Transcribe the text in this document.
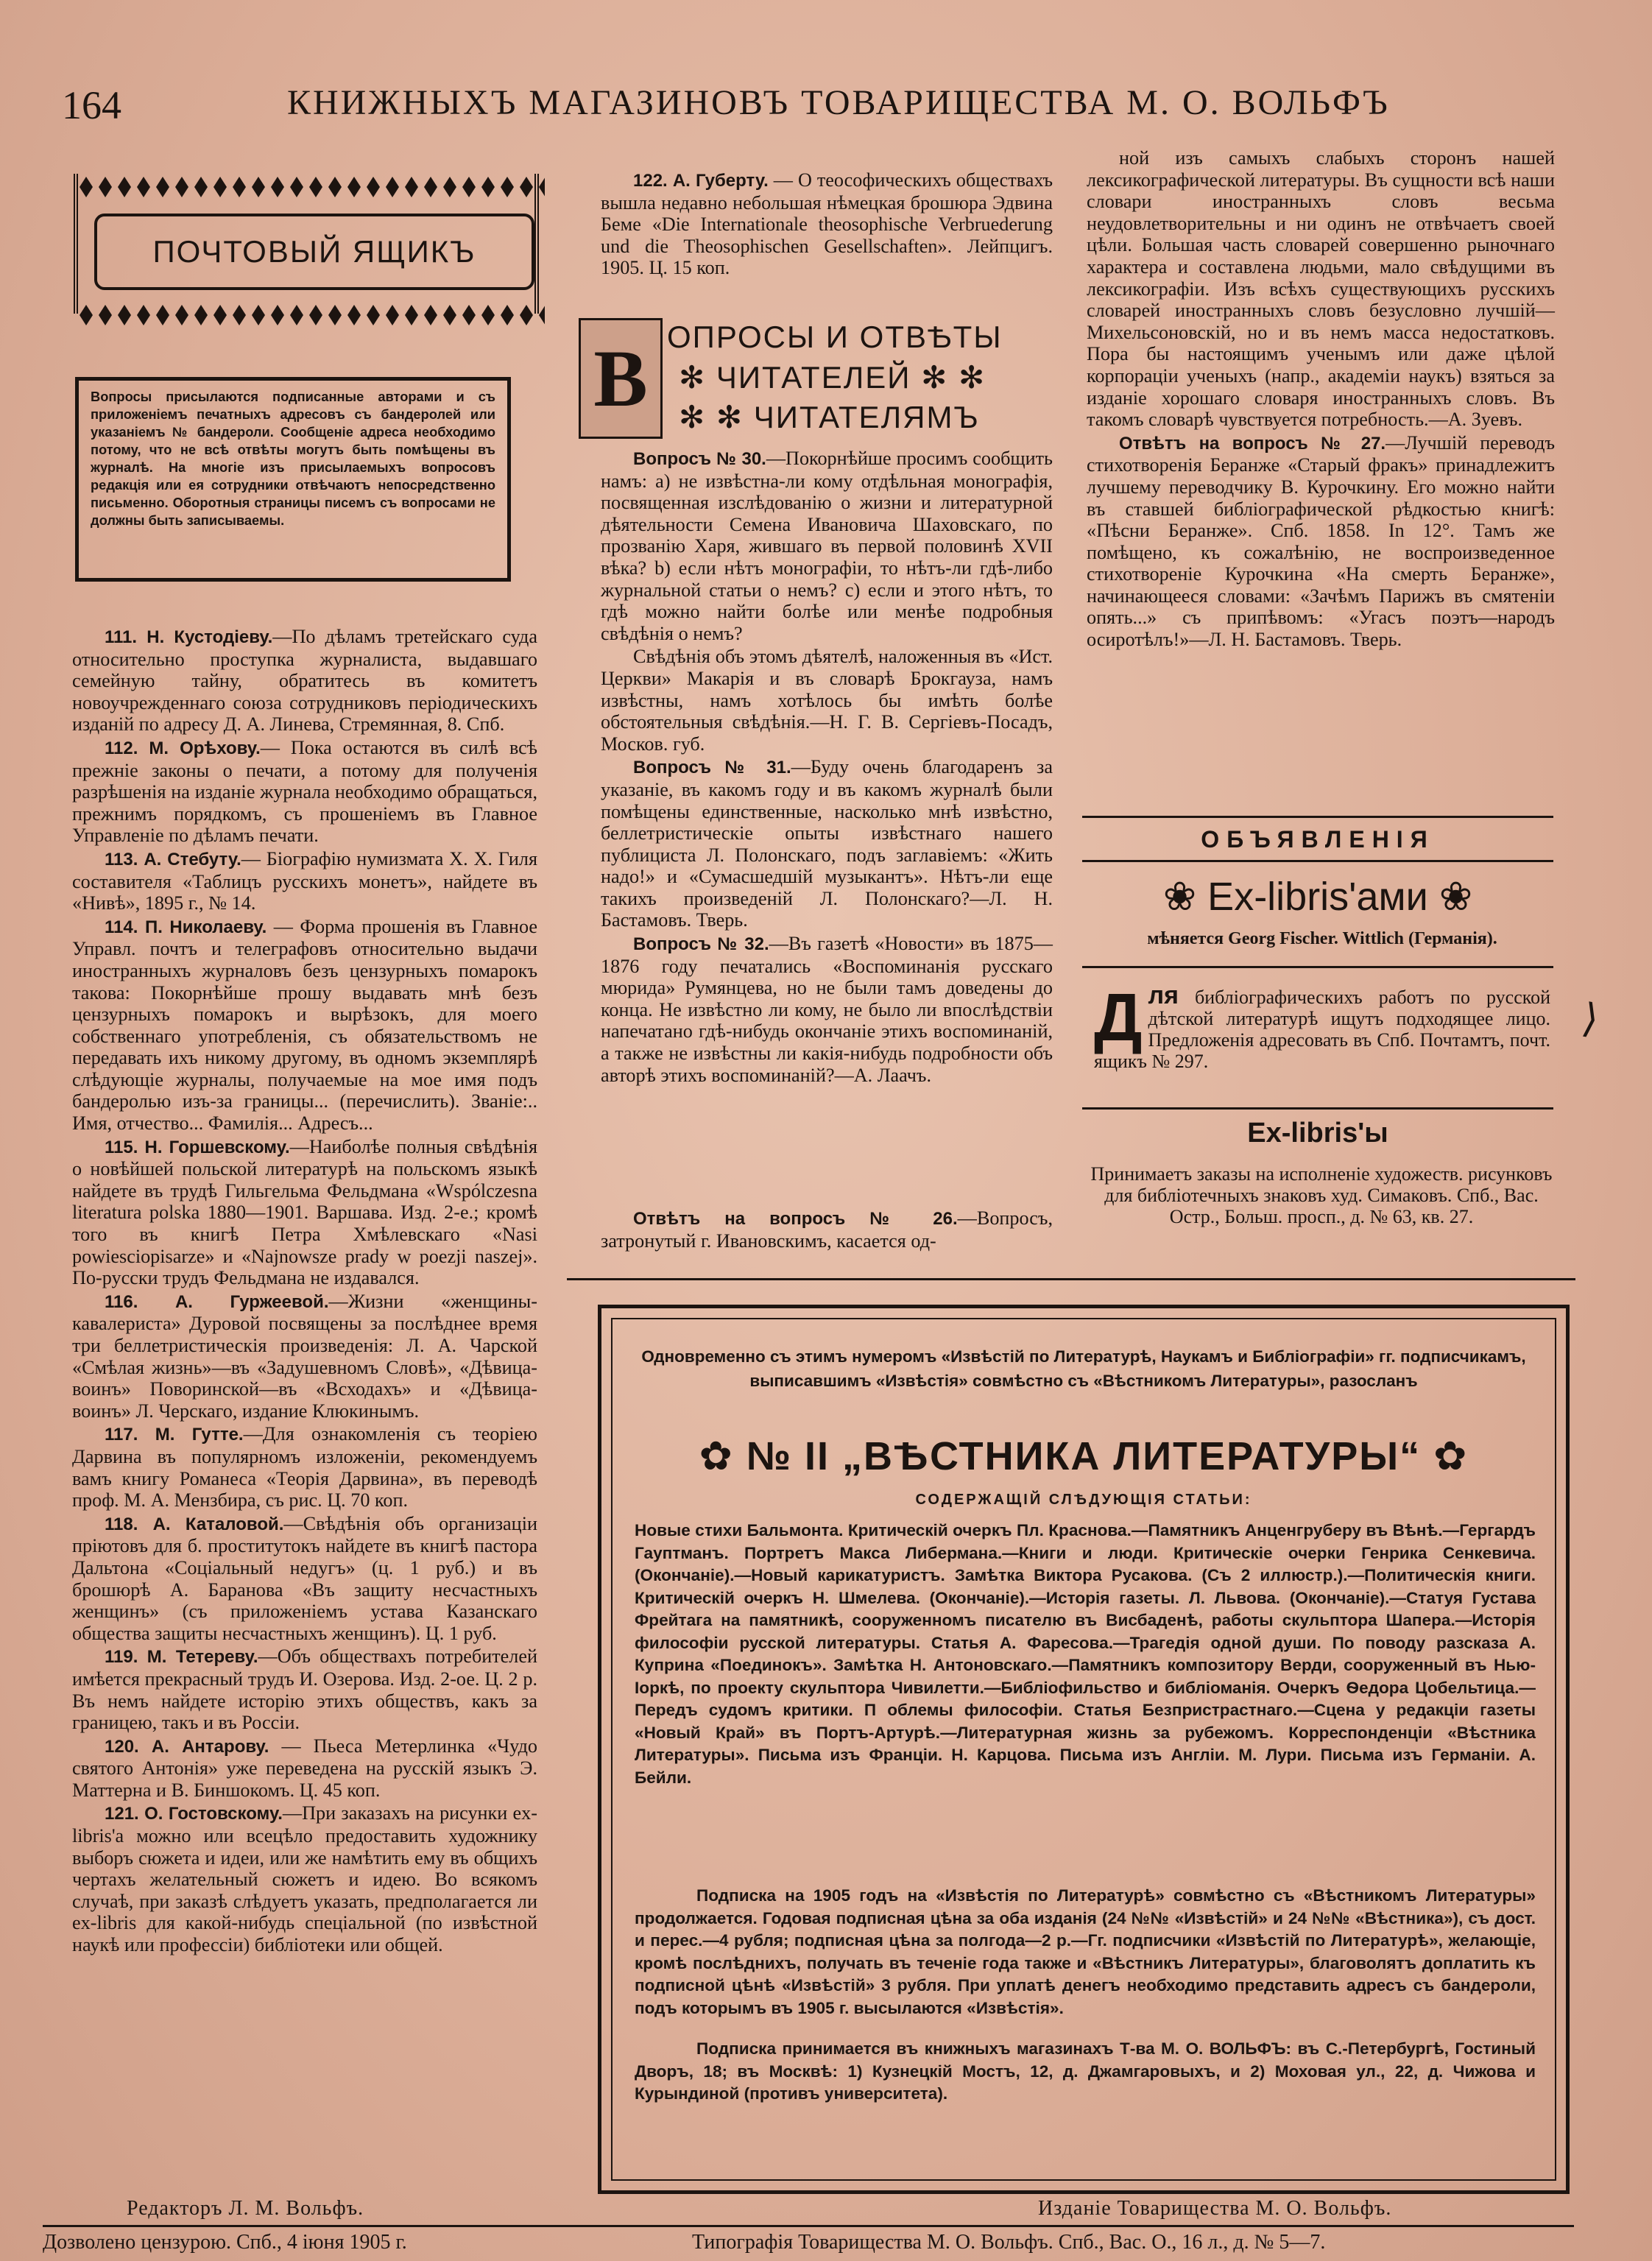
164	КНИЖНЫХЪ МАГАЗИНОВЪ ТОВАРИЩЕСТВА М. О. ВОЛЬФЪ
ПОЧТОВЫЙ ЯЩИКЪ
Вопросы присылаются подписанные авторами и съ приложеніемъ печатныхъ адресовъ съ бандеролей или указаніемъ № бандероли. Сообщеніе адреса необходимо потому, что не всѣ отвѣты могутъ быть помѣщены въ журналѣ. На многіе изъ присылаемыхъ вопросовъ редакція или ея сотрудники отвѣчаютъ непосредственно письменно. Оборотныя страницы писемъ съ вопросами не должны быть записываемы.

111. Н. Кустодіеву.—По дѣламъ третейскаго суда относительно проступка журналиста, выдавшаго семейную тайну, обратитесь въ комитетъ новоучрежденнаго союза сотрудниковъ періодическихъ изданій по адресу Д. А. Линева, Стремянная, 8. Спб.

112. М. Орѣхову.— Пока остаются въ силѣ всѣ прежніе законы о печати, а потому для полученія разрѣшенія на изданіе журнала необходимо обращаться, прежнимъ порядкомъ, съ прошеніемъ въ Главное Управленіе по дѣламъ печати.

113. А. Стебуту.— Біографію нумизмата Х. Х. Гиля составителя «Таблицъ русскихъ монетъ», найдете въ «Нивѣ», 1895 г., № 14.

114. П. Николаеву. — Форма прошенія въ Главное Управл. почтъ и телеграфовъ относительно выдачи иностранныхъ журналовъ безъ цензурныхъ помарокъ такова: Покорнѣйше прошу выдавать мнѣ безъ цензурныхъ помарокъ и вырѣзокъ, для моего собственнаго употребленія, съ обязательствомъ не передавать ихъ никому другому, въ одномъ экземплярѣ слѣдующіе журналы, получаемые на мое имя подъ бандеролью изъ-за границы... (перечислить). Званіе:.. Имя, отчество... Фамилія... Адресъ...

115. Н. Горшевскому.—Наиболѣе полныя свѣдѣнія о новѣйшей польской литературѣ на польскомъ языкѣ найдете въ трудѣ Гильгельма Фельдмана «Wspólczesna literatura polska 1880—1901. Варшава. Изд. 2-е.; кромѣ того въ книгѣ Петра Хмѣлевскаго «Nasi powiesciopisarze» и «Najnowsze prady w poezji naszej». По-русски трудъ Фельдмана не издавался.

116. А. Гуржеевой.—Жизни «женщины-кавалериста» Дуровой посвящены за послѣднее время три беллетристическія произведенія: Л. А. Чарской «Смѣлая жизнь»—въ «Задушевномъ Словѣ», «Дѣвица-воинъ» Поворинской—въ «Всходахъ» и «Дѣвица-воинъ» Л. Черскаго, издание Клюкинымъ.

117. М. Гутте.—Для ознакомленія съ теоріею Дарвина въ популярномъ изложеніи, рекомендуемъ вамъ книгу Романеса «Теорія Дарвина», въ переводѣ проф. М. А. Мензбира, съ рис. Ц. 70 коп.

118. А. Каталовой.—Свѣдѣнія объ организаціи пріютовъ для б. проститутокъ найдете въ книгѣ пастора Дальтона «Соціальный недугъ» (ц. 1 руб.) и въ брошюрѣ А. Баранова «Въ защиту несчастныхъ женщинъ» (съ приложеніемъ устава Казанскаго общества защиты несчастныхъ женщинъ). Ц. 1 руб.

119. М. Тетереву.—Объ обществахъ потребителей имѣется прекрасный трудъ И. Озерова. Изд. 2-ое. Ц. 2 р. Въ немъ найдете исторію этихъ обществъ, какъ за границею, такъ и въ Россіи.

120. А. Антарову. — Пьеса Метерлинка «Чудо святого Антонія» уже переведена на русскій языкъ Э. Маттерна и В. Биншокомъ. Ц. 45 коп.

121. О. Гостовскому.—При заказахъ на рисунки ex-libris'а можно или всецѣло предоставить художнику выборъ сюжета и идеи, или же намѣтить ему въ общихъ чертахъ желательный сюжетъ и идею. Во всякомъ случаѣ, при заказѣ слѣдуетъ указать, предполагается ли ex-libris для какой-нибудь спеціальной (по извѣстной наукѣ или профессіи) библіотеки или общей.

122. А. Губерту. — О теософическихъ обществахъ вышла недавно небольшая нѣмецкая брошюра Эдвина Беме «Die Internationale theosophische Verbruederung und die Theosophischen Gesellschaften». Лейпцигъ. 1905. Ц. 15 коп.

В ОПРОСЫ И ОТВѢТЫ
✻ ЧИТАТЕЛЕЙ ✻ ✻
✻ ✻ ЧИТАТЕЛЯМЪ

Вопросъ № 30.—Покорнѣйше просимъ сообщить намъ: а) не извѣстна-ли кому отдѣльная монографія, посвященная изслѣдованію о жизни и литературной дѣятельности Семена Ивановича Шаховскаго, по прозванію Харя, жившаго въ первой половинѣ XVII вѣка? b) если нѣтъ монографіи, то нѣтъ-ли гдѣ-либо журнальной статьи о немъ? с) если и этого нѣтъ, то гдѣ можно найти болѣе или менѣе подробныя свѣдѣнія о немъ?

Свѣдѣнія объ этомъ дѣятелѣ, наложенныя въ «Ист. Церкви» Макарія и въ словарѣ Брокгауза, намъ извѣстны, намъ хотѣлось бы имѣть болѣе обстоятельныя свѣдѣнія.—Н. Г. В. Сергіевъ-Посадъ, Москов. губ.

Вопросъ № 31.—Буду очень благодаренъ за указаніе, въ какомъ году и въ какомъ журналѣ были помѣщены единственные, насколько мнѣ извѣстно, беллетристическіе опыты извѣстнаго нашего публициста Л. Полонскаго, подъ заглавіемъ: «Жить надо!» и «Сумасшедшій музыкантъ». Нѣтъ-ли еще такихъ произведеній Л. Полонскаго?—Л. Н. Бастамовъ. Тверь.

Вопросъ № 32.—Въ газетѣ «Новости» въ 1875—1876 году печатались «Воспоминанія русскаго мюрида» Румянцева, но не были тамъ доведены до конца. Не извѣстно ли кому, не было ли впослѣдствіи напечатано гдѣ-нибудь окончаніе этихъ воспоминаній, а также не извѣстны ли какія-нибудь подробности объ авторѣ этихъ воспоминаній?—А. Лаачъ.

Отвѣтъ на вопросъ № 26.—Вопросъ, затронутый г. Ивановскимъ, касается од-

ной изъ самыхъ слабыхъ сторонъ нашей лексикографической литературы. Въ сущности всѣ наши словари иностранныхъ словъ весьма неудовлетворительны и ни одинъ не отвѣчаетъ своей цѣли. Большая часть словарей совершенно рыночнаго характера и составлена людьми, мало свѣдущими въ лексикографіи. Изъ всѣхъ существующихъ русскихъ словарей иностранныхъ словъ безусловно лучшій—Михельсоновскій, но и въ немъ масса недостатковъ. Пора бы настоящимъ ученымъ или даже цѣлой корпораціи ученыхъ (напр., академіи наукъ) взяться за изданіе хорошаго словаря иностранныхъ словъ. Въ такомъ словарѣ чувствуется потребность.—А. Зуевъ.

Отвѣтъ на вопросъ № 27.—Лучшій переводъ стихотворенія Беранже «Старый фракъ» принадлежитъ лучшему переводчику В. Курочкину. Его можно найти въ ставшей библіографической рѣдкостью книгѣ: «Пѣсни Беранже». Спб. 1858. In 12°. Тамъ же помѣщено, къ сожалѣнію, не воспроизведенное стихотвореніе Курочкина «На смерть Беранже», начинающееся словами: «Зачѣмъ Парижъ въ смятеніи опять...» съ припѣвомъ: «Угасъ поэтъ—народъ осиротѣлъ!»—Л. Н. Бастамовъ. Тверь.

ОБЪЯВЛЕНІЯ
❀ Ex-libris'ами ❀
мѣняется Georg Fischer. Wittlich (Германія).
Для библіографическихъ работъ по русской дѣтской литературѣ ищутъ подходящее лицо. Предложенія адресовать въ Спб. Почтамтъ, почт. ящикъ № 297.
Ex-libris'ы
Принимаетъ заказы на исполненіе художеств. рисунковъ для библіотечныхъ знаковъ худ. Симаковъ. Спб., Вас. Остр., Больш. просп., д. № 63, кв. 27.
Одновременно съ этимъ нумеромъ «Извѣстій по Литературѣ, Наукамъ и Библіографіи» гг. подписчикамъ, выписавшимъ «Извѣстія» совмѣстно съ «Вѣстникомъ Литературы», разосланъ
✿ № II „ВѢСТНИКА ЛИТЕРАТУРЫ“ ✿
СОДЕРЖАЩІЙ СЛѢДУЮЩІЯ СТАТЬИ:
Новые стихи Бальмонта. Критическій очеркъ Пл. Краснова.—Памятникъ Анценгруберу въ Вѣнѣ.—Гергардъ Гауптманъ. Портретъ Макса Либермана.—Книги и люди. Критическіе очерки Генрика Сенкевича. (Окончаніе).—Новый карикатуристъ. Замѣтка Виктора Русакова. (Съ 2 иллюстр.).—Политическія книги. Критическій очеркъ Н. Шмелева. (Окончаніе).—Исторія газеты. Л. Львова. (Окончаніе).—Статуя Густава Фрейтага на памятникѣ, сооруженномъ писателю въ Висбаденѣ, работы скульптора Шапера.—Исторія философіи русской литературы. Статья А. Фаресова.—Трагедія одной души. По поводу разсказа А. Куприна «Поединокъ». Замѣтка Н. Антоновскаго.—Памятникъ композитору Верди, сооруженный въ Нью-Іоркѣ, по проекту скульптора Чивилетти.—Библіофильство и библіоманія. Очеркъ Ѳедора Цобельтица.—Передъ судомъ критики. П облемы философіи. Статья Безпристрастнаго.—Сцена у редакціи газеты «Новый Край» въ Портъ-Артурѣ.—Литературная жизнь за рубежомъ. Корреспонденціи «Вѣстника Литературы». Письма изъ Франціи. Н. Карцова. Письма изъ Англіи. М. Лури. Письма изъ Германіи. А. Бейли.

Подписка на 1905 годъ на «Извѣстія по Литературѣ» совмѣстно съ «Вѣстникомъ Литературы» продолжается. Годовая подписная цѣна за оба изданія (24 №№ «Извѣстій» и 24 №№ «Вѣстника»), съ дост. и перес.—4 рубля; подписная цѣна за полгода—2 р.—Гг. подписчики «Извѣстій по Литературѣ», желающіе, кромѣ послѣднихъ, получать въ теченіе года также и «Вѣстникъ Литературы», благоволятъ доплатить къ подписной цѣнѣ «Извѣстій» 3 рубля. При уплатѣ денегъ необходимо представить адресъ съ бандероли, подъ которымъ въ 1905 г. высылаются «Извѣстія».

Подписка принимается въ книжныхъ магазинахъ Т-ва М. О. ВОЛЬФЪ: въ С.-Петербургѣ, Гостиный Дворъ, 18; въ Москвѣ: 1) Кузнецкій Мостъ, 12, д. Джамгаровыхъ, и 2) Моховая ул., 22, д. Чижова и Курындиной (противъ университета).

Редакторъ Л. М. Вольфъ.	Изданіе Товарищества М. О. Вольфъ.
Дозволено цензурою. Спб., 4 іюня 1905 г.	Типографія Товарищества М. О. Вольфъ. Спб., Вас. О., 16 л., д. № 5—7.
⟩
